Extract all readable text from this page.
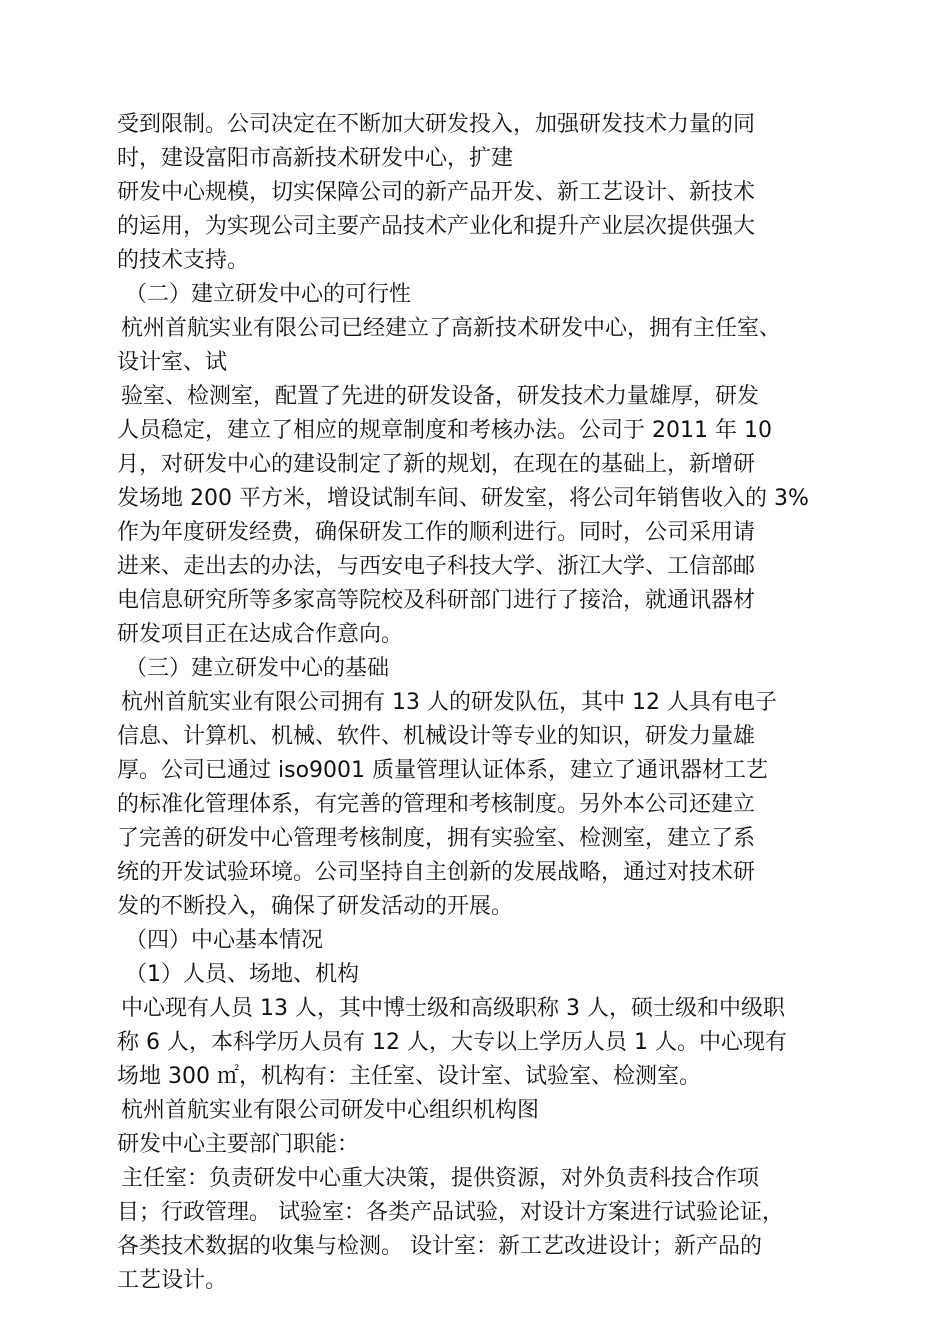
受到限制。公司决定在不断加大研发投入，加强研发技术力量的同
时，建设富阳市高新技术研发中心，扩建
研发中心规模，切实保障公司的新产品开发、新工艺设计、新技术
的运用，为实现公司主要产品技术产业化和提升产业层次提供强大
的技术支持。
（二）建立研发中心的可行性
杭州首航实业有限公司已经建立了高新技术研发中心，拥有主任室、
设计室、试
验室、检测室，配置了先进的研发设备，研发技术力量雄厚，研发
人员稳定，建立了相应的规章制度和考核办法。公司于 2011 年 10
月，对研发中心的建设制定了新的规划，在现在的基础上，新增研
发场地 200 平方米，增设试制车间、研发室，将公司年销售收入的 3%
作为年度研发经费，确保研发工作的顺利进行。同时，公司采用请
进来、走出去的办法，与西安电子科技大学、浙江大学、工信部邮
电信息研究所等多家高等院校及科研部门进行了接洽，就通讯器材
研发项目正在达成合作意向。
（三）建立研发中心的基础
杭州首航实业有限公司拥有 13 人的研发队伍，其中 12 人具有电子
信息、计算机、机械、软件、机械设计等专业的知识，研发力量雄
厚。公司已通过 iso9001 质量管理认证体系，建立了通讯器材工艺
的标准化管理体系，有完善的管理和考核制度。另外本公司还建立
了完善的研发中心管理考核制度，拥有实验室、检测室，建立了系
统的开发试验环境。公司坚持自主创新的发展战略，通过对技术研
发的不断投入，确保了研发活动的开展。
（四）中心基本情况
（1）人员、场地、机构
中心现有人员 13 人，其中博士级和高级职称 3 人，硕士级和中级职
称 6 人，本科学历人员有 12 人，大专以上学历人员 1 人。中心现有
场地 300 ㎡，机构有：主任室、设计室、试验室、检测室。
杭州首航实业有限公司研发中心组织机构图
研发中心主要部门职能：
主任室：负责研发中心重大决策，提供资源，对外负责科技合作项
目；行政管理。 试验室：各类产品试验，对设计方案进行试验论证，
各类技术数据的收集与检测。 设计室：新工艺改进设计；新产品的
工艺设计。
